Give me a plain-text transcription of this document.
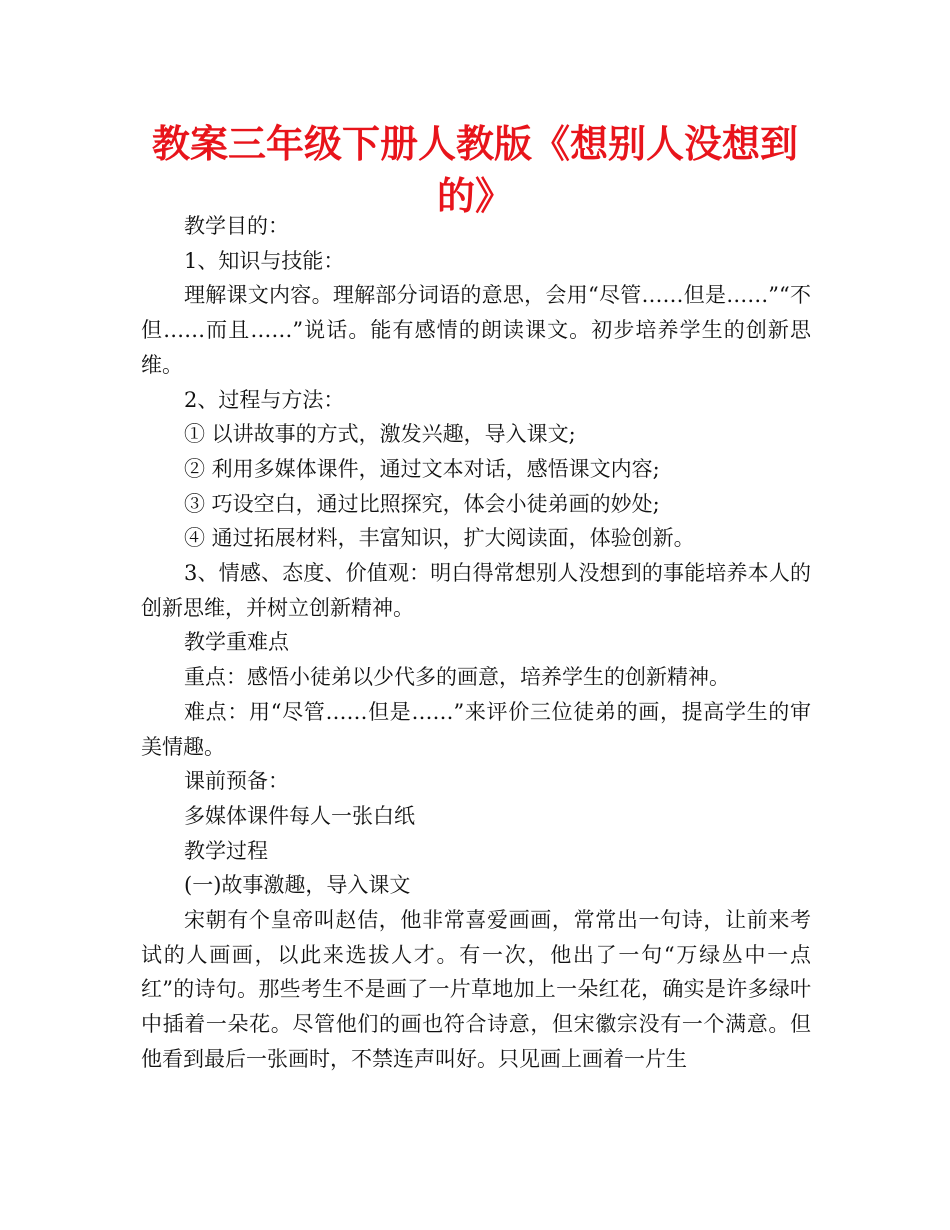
教案三年级下册人教版《想别人没想到的》

教学目的：

1、知识与技能：

理解课文内容。理解部分词语的意思，会用“尽管……但是……”“不但……而且……”说话。能有感情的朗读课文。初步培养学生的创新思维。

2、过程与方法：

① 以讲故事的方式，激发兴趣，导入课文;

② 利用多媒体课件，通过文本对话，感悟课文内容;

③ 巧设空白，通过比照探究，体会小徒弟画的妙处;

④ 通过拓展材料，丰富知识，扩大阅读面，体验创新。

3、情感、态度、价值观：明白得常想别人没想到的事能培养本人的创新思维，并树立创新精神。

教学重难点

重点：感悟小徒弟以少代多的画意，培养学生的创新精神。

难点：用“尽管……但是……”来评价三位徒弟的画，提高学生的审美情趣。

课前预备：

多媒体课件每人一张白纸

教学过程

(一)故事激趣，导入课文

宋朝有个皇帝叫赵佶，他非常喜爱画画，常常出一句诗，让前来考试的人画画，以此来选拔人才。有一次，他出了一句“万绿丛中一点红”的诗句。那些考生不是画了一片草地加上一朵红花，确实是许多绿叶中插着一朵花。尽管他们的画也符合诗意，但宋徽宗没有一个满意。但他看到最后一张画时，不禁连声叫好。只见画上画着一片生
